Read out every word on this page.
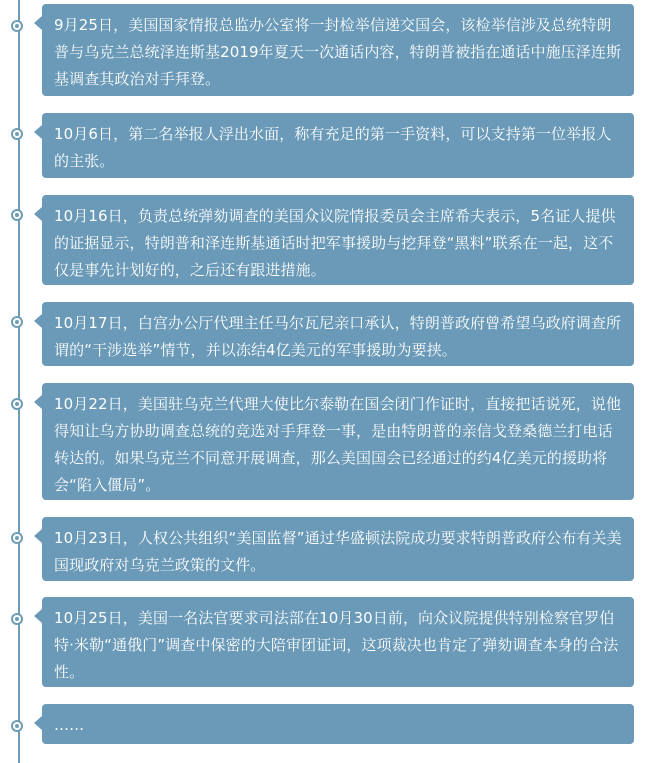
9月25日，美国国家情报总监办公室将一封检举信递交国会，该检举信涉及总统特朗普与乌克兰总统泽连斯基2019年夏天一次通话内容，特朗普被指在通话中施压泽连斯基调查其政治对手拜登。
10月6日，第二名举报人浮出水面，称有充足的第一手资料，可以支持第一位举报人的主张。
10月16日，负责总统弹劾调查的美国众议院情报委员会主席希夫表示，5名证人提供的证据显示，特朗普和泽连斯基通话时把军事援助与挖拜登“黑料”联系在一起，这不仅是事先计划好的，之后还有跟进措施。
10月17日，白宫办公厅代理主任马尔瓦尼亲口承认，特朗普政府曾希望乌政府调查所谓的“干涉选举”情节，并以冻结4亿美元的军事援助为要挟。
10月22日，美国驻乌克兰代理大使比尔泰勒在国会闭门作证时，直接把话说死，说他得知让乌方协助调查总统的竞选对手拜登一事，是由特朗普的亲信戈登桑德兰打电话转达的。如果乌克兰不同意开展调查，那么美国国会已经通过的约4亿美元的援助将会“陷入僵局”。
10月23日，人权公共组织“美国监督”通过华盛顿法院成功要求特朗普政府公布有关美国现政府对乌克兰政策的文件。
10月25日，美国一名法官要求司法部在10月30日前，向众议院提供特别检察官罗伯特·米勒“通俄门”调查中保密的大陪审团证词，这项裁决也肯定了弹劾调查本身的合法性。
……
